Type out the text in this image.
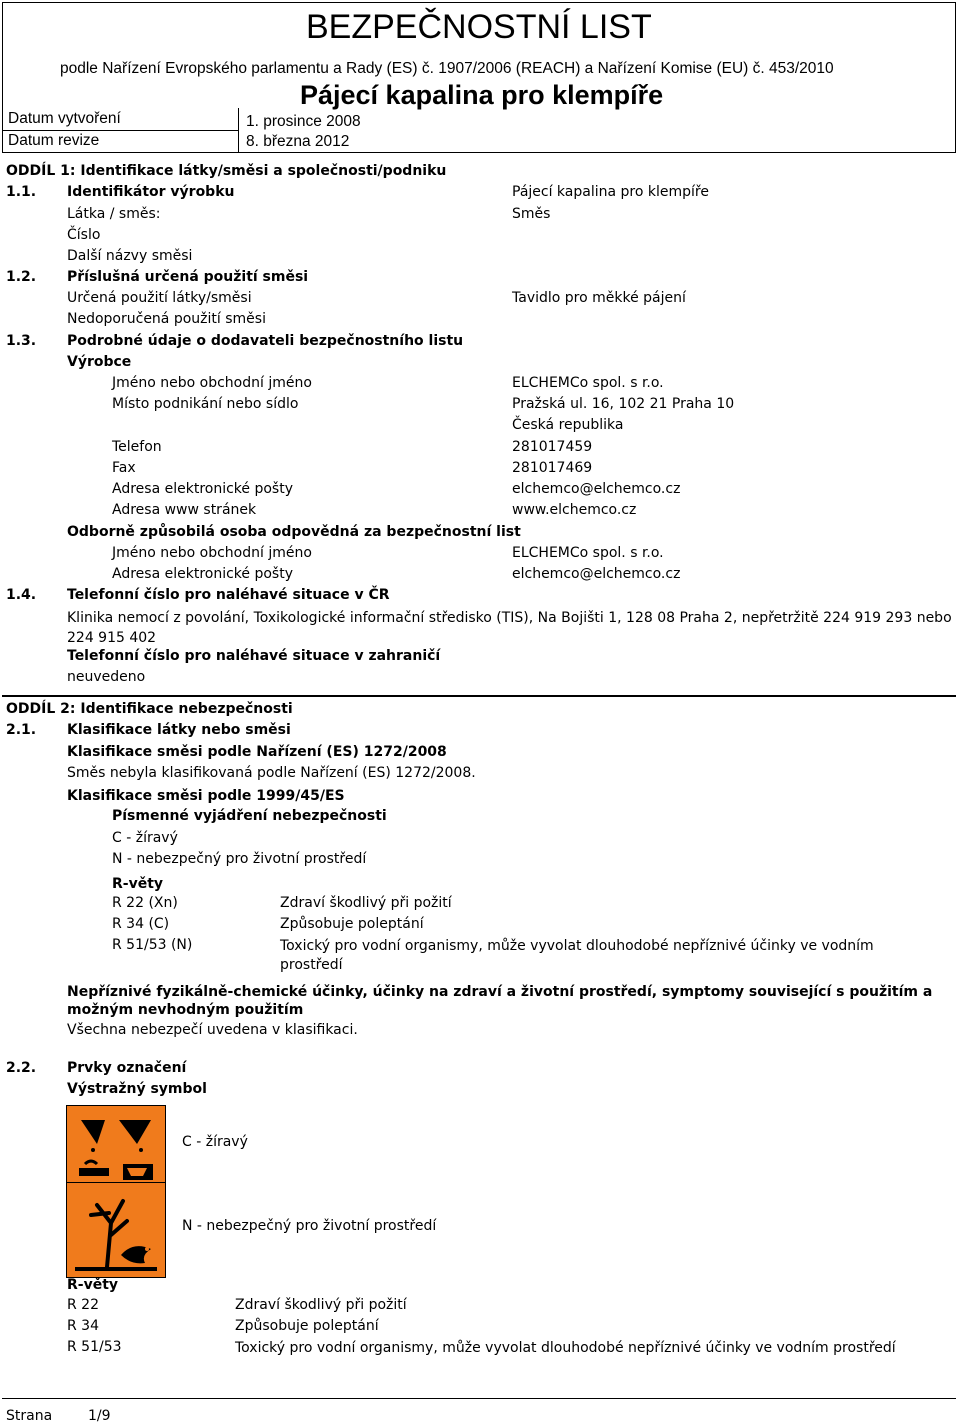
BEZPEČNOSTNÍ LIST
podle Nařízení Evropského parlamentu a Rady (ES) č. 1907/2006 (REACH) a Nařízení Komise (EU) č. 453/2010
Pájecí kapalina pro klempíře
Datum vytvoření	1. prosince 2008
Datum revize	8. března 2012
ODDÍL 1: Identifikace látky/směsi a společnosti/podniku
1.1. Identifikátor výrobku	Pájecí kapalina pro klempíře
Látka / směs:	Směs
Číslo
Další názvy směsi
1.2. Příslušná určená použití směsi
Určená použití látky/směsi	Tavidlo pro měkké pájení
Nedoporučená použití směsi
1.3. Podrobné údaje o dodavateli bezpečnostního listu
Výrobce
Jméno nebo obchodní jméno	ELCHEMCo spol. s r.o.
Místo podnikání nebo sídlo	Pražská ul. 16, 102 21 Praha 10
Česká republika
Telefon	281017459
Fax	281017469
Adresa elektronické pošty	elchemco@elchemco.cz
Adresa www stránek	www.elchemco.cz
Odborně způsobilá osoba odpovědná za bezpečnostní list
Jméno nebo obchodní jméno	ELCHEMCo spol. s r.o.
Adresa elektronické pošty	elchemco@elchemco.cz
1.4. Telefonní číslo pro naléhavé situace v ČR
Klinika nemocí z povolání, Toxikologické informační středisko (TIS), Na Bojišti 1, 128 08 Praha 2, nepřetržitě 224 919 293 nebo 224 915 402
Telefonní číslo pro naléhavé situace v zahraničí
neuvedeno
ODDÍL 2: Identifikace nebezpečnosti
2.1. Klasifikace látky nebo směsi
Klasifikace směsi podle Nařízení (ES) 1272/2008
Směs nebyla klasifikovaná podle Nařízení (ES) 1272/2008.
Klasifikace směsi podle 1999/45/ES
Písmenné vyjádření nebezpečnosti
C - žíravý
N - nebezpečný pro životní prostředí
R-věty
R 22 (Xn)	Zdraví škodlivý při požití
R 34 (C)	Způsobuje poleptání
R 51/53 (N)	Toxický pro vodní organismy, může vyvolat dlouhodobé nepříznivé účinky ve vodním prostředí
Nepříznivé fyzikálně-chemické účinky, účinky na zdraví a životní prostředí, symptomy související s použitím a možným nevhodným použitím
Všechna nebezpečí uvedena v klasifikaci.
2.2. Prvky označení
Výstražný symbol
C - žíravý
N - nebezpečný pro životní prostředí
R-věty
R 22	Zdraví škodlivý při požití
R 34	Způsobuje poleptání
R 51/53	Toxický pro vodní organismy, může vyvolat dlouhodobé nepříznivé účinky ve vodním prostředí
Strana	1/9
